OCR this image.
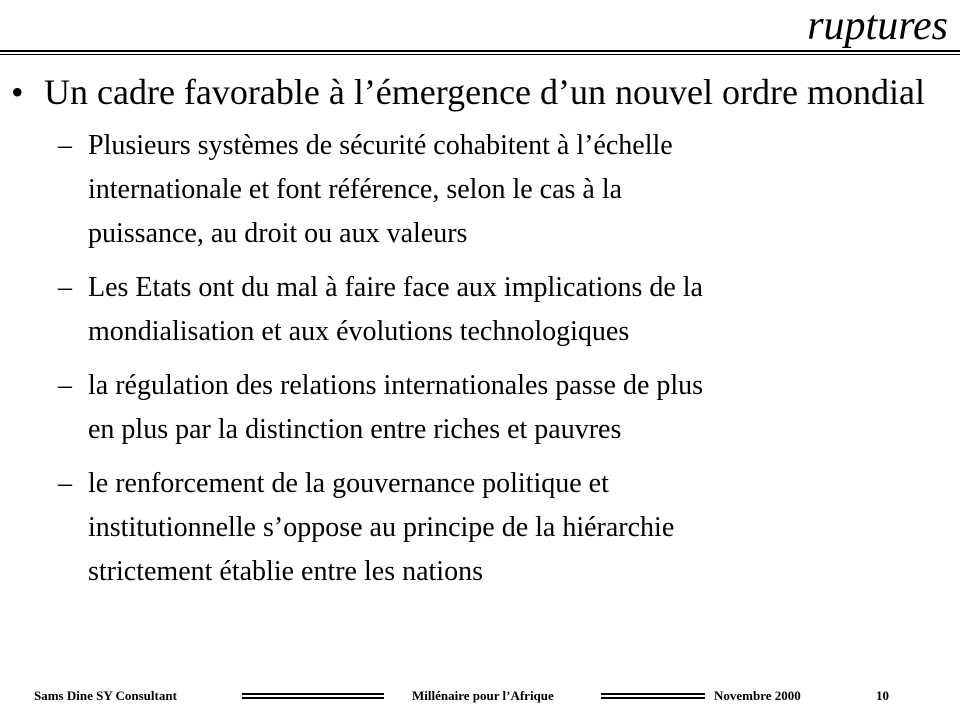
ruptures
• Un cadre favorable à l’émergence d’un nouvel ordre mondial
– Plusieurs systèmes de sécurité cohabitent à l’échelle
internationale et font référence, selon le cas à la
puissance, au droit ou aux valeurs
– Les Etats ont du mal à faire face aux implications de la
mondialisation et aux évolutions technologiques
– la régulation des relations internationales passe de plus
en plus par la distinction entre riches et pauvres
– le renforcement de la gouvernance politique et
institutionnelle s’oppose au principe de la hiérarchie
strictement établie entre les nations
Sams Dine SY Consultant	Millénaire pour l’Afrique	Novembre 2000	10
